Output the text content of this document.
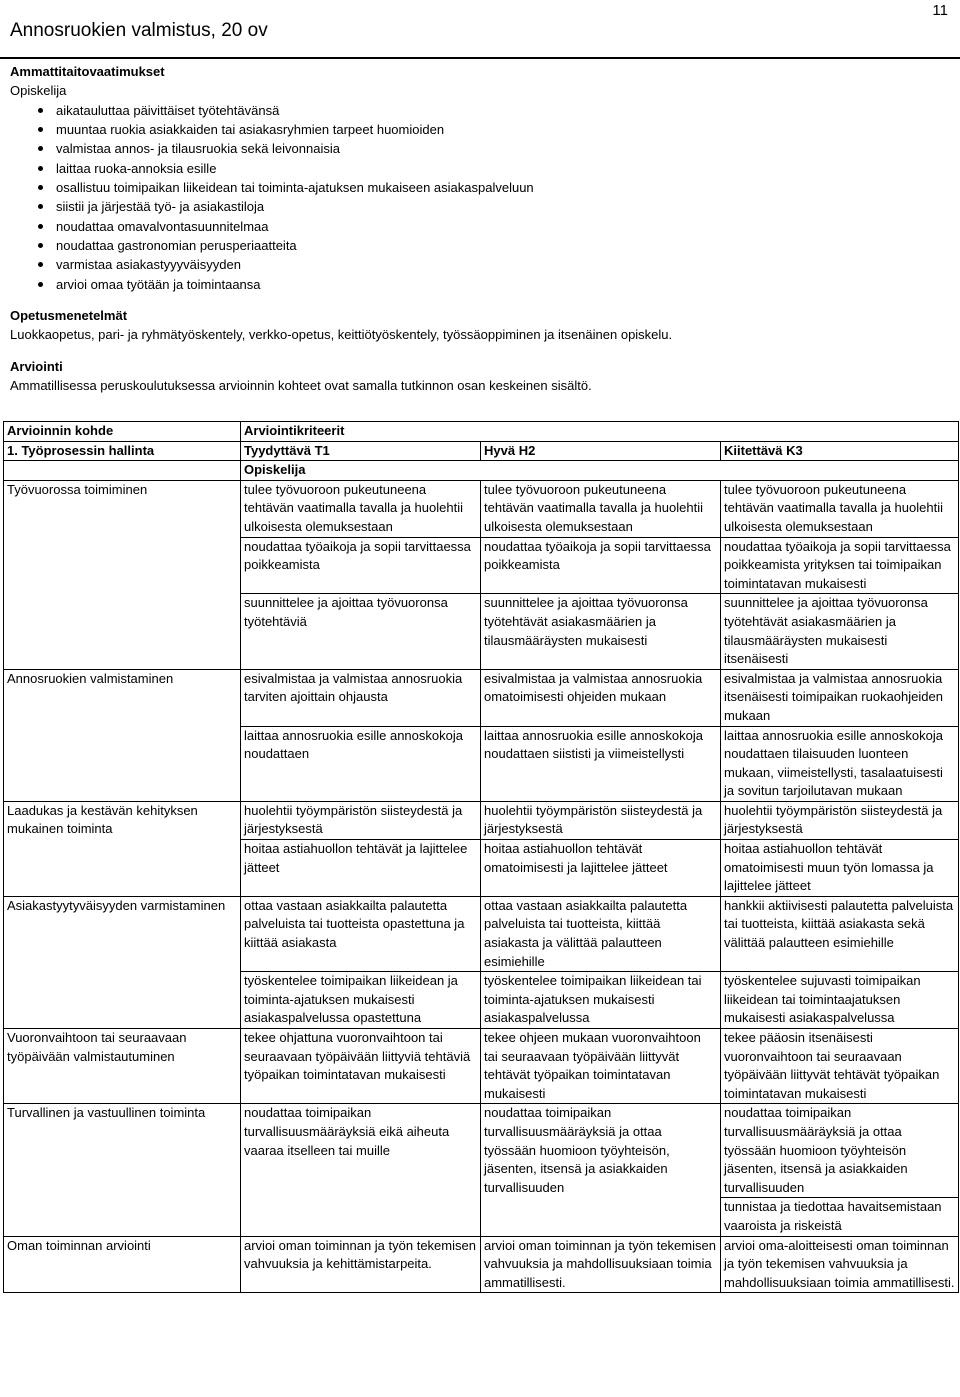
11
Annosruokien valmistus, 20 ov
Ammattitaitovaatimukset
Opiskelija
aikatauluttaa päivittäiset työtehtävänsä
muuntaa ruokia asiakkaiden tai asiakasryhmien tarpeet huomioiden
valmistaa annos- ja tilausruokia sekä leivonnaisia
laittaa ruoka-annoksia esille
osallistuu toimipaikan liikeidean tai toiminta-ajatuksen mukaiseen asiakaspalveluun
siistii ja järjestää työ- ja asiakastiloja
noudattaa omavalvontasuunnitelmaa
noudattaa gastronomian perusperiaatteita
varmistaa asiakastyyyväisyyden
arvioi omaa työtään ja toimintaansa
Opetusmenetelmät
Luokkaopetus, pari- ja ryhmätyöskentely, verkko-opetus, keittiötyöskentely, työssäoppiminen ja itsenäinen opiskelu.
Arviointi
Ammatillisessa peruskoulutuksessa arvioinnin kohteet ovat samalla tutkinnon osan keskeinen sisältö.
Arvioinnin kohde	Arviointikriteerit		
1. Työprosessin hallinta	Tyydyttävä T1	Hyvä H2	Kiitettävä K3
	Opiskelija		
Työvuorossa toimiminen	tulee työvuoroon pukeutuneena tehtävän vaatimalla tavalla ja huolehtii ulkoisesta olemuksestaan	tulee työvuoroon pukeutuneena tehtävän vaatimalla tavalla ja huolehtii ulkoisesta olemuksestaan	tulee työvuoroon pukeutuneena tehtävän vaatimalla tavalla ja huolehtii ulkoisesta olemuksestaan
	noudattaa työaikoja ja sopii tarvittaessa poikkeamista	noudattaa työaikoja ja sopii tarvittaessa poikkeamista	noudattaa työaikoja ja sopii tarvittaessa poikkeamista yrityksen tai toimipaikan toimintatavan mukaisesti
	suunnittelee ja ajoittaa työvuoronsa työtehtäviä	suunnittelee ja ajoittaa työvuoronsa työtehtävät asiakasmäärien ja tilausmääräysten mukaisesti	suunnittelee ja ajoittaa työvuoronsa työtehtävät asiakasmäärien ja tilausmääräysten mukaisesti itsenäisesti
Annosruokien valmistaminen	esivalmistaa ja valmistaa annosruokia tarviten ajoittain ohjausta	esivalmistaa ja valmistaa annosruokia omatoimisesti ohjeiden mukaan	esivalmistaa ja valmistaa annosruokia itsenäisesti toimipaikan ruokaohjeiden mukaan
	laittaa annosruokia esille annoskokoja noudattaen	laittaa annosruokia esille annoskokoja noudattaen siististi ja viimeistellysti	laittaa annosruokia esille annoskokoja noudattaen tilaisuuden luonteen mukaan, viimeistellysti, tasalaatuisesti ja sovitun tarjoilutavan mukaan
Laadukas ja kestävän kehityksen mukainen toiminta	huolehtii työympäristön siisteydestä ja järjestyksestä	huolehtii työympäristön siisteydestä ja järjestyksestä	huolehtii työympäristön siisteydestä ja järjestyksestä
	hoitaa astiahuollon tehtävät ja lajittelee jätteet	hoitaa astiahuollon tehtävät omatoimisesti ja lajittelee jätteet	hoitaa astiahuollon tehtävät omatoimisesti muun työn lomassa ja lajittelee jätteet
Asiakastyytyväisyyden varmistaminen	ottaa vastaan asiakkailta palautetta palveluista tai tuotteista opastettuna ja kiittää asiakasta	ottaa vastaan asiakkailta palautetta palveluista tai tuotteista, kiittää asiakasta ja välittää palautteen esimiehille	hankkii aktiivisesti palautetta palveluista tai tuotteista, kiittää asiakasta sekä välittää palautteen esimiehille
	työskentelee toimipaikan liikeidean ja toiminta-ajatuksen mukaisesti asiakaspalvelussa opastettuna	työskentelee toimipaikan liikeidean tai toiminta-ajatuksen mukaisesti asiakaspalvelussa	työskentelee sujuvasti toimipaikan liikeidean tai toimintaajatuksen mukaisesti asiakaspalvelussa
Vuoronvaihtoon tai seuraavaan työpäivään valmistautuminen	tekee ohjattuna vuoronvaihtoon tai seuraavaan työpäivään liittyviä tehtäviä työpaikan toimintatavan mukaisesti	tekee ohjeen mukaan vuoronvaihtoon tai seuraavaan työpäivään liittyvät tehtävät työpaikan toimintatavan mukaisesti	tekee pääosin itsenäisesti vuoronvaihtoon tai seuraavaan työpäivään liittyvät tehtävät työpaikan toimintatavan mukaisesti
Turvallinen ja vastuullinen toiminta	noudattaa toimipaikan turvallisuusmääräyksiä eikä aiheuta vaaraa itselleen tai muille	noudattaa toimipaikan turvallisuusmääräyksiä ja ottaa työssään huomioon työyhteisön, jäsenten, itsensä ja asiakkaiden turvallisuuden	noudattaa toimipaikan turvallisuusmääräyksiä ja ottaa työssään huomioon työyhteisön jäsenten, itsensä ja asiakkaiden turvallisuuden
			tunnistaa ja tiedottaa havaitsemistaan vaaroista ja riskeistä
Oman toiminnan arviointi	arvioi oman toiminnan ja työn tekemisen vahvuuksia ja kehittämistarpeita.	arvioi oman toiminnan ja työn tekemisen vahvuuksia ja mahdollisuuksiaan toimia ammatillisesti.	arvioi oma-aloitteisesti oman toiminnan ja työn tekemisen vahvuuksia ja mahdollisuuksiaan toimia ammatillisesti.
